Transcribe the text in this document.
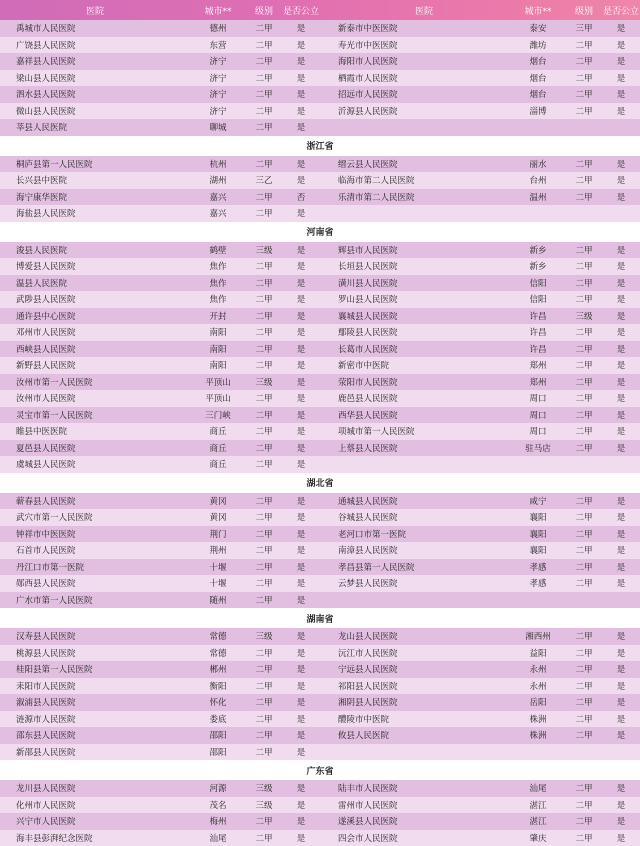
医院	城市**	级别	是否公立	医院	城市**	级别	是否公立
禹城市人民医院	德州	二甲	是	新泰市中医医院	泰安	三甲	是
广饶县人民医院	东营	二甲	是	寿光市中医医院	潍坊	二甲	是
嘉祥县人民医院	济宁	二甲	是	海阳市人民医院	烟台	二甲	是
梁山县人民医院	济宁	二甲	是	栖霞市人民医院	烟台	二甲	是
泗水县人民医院	济宁	二甲	是	招远市人民医院	烟台	二甲	是
微山县人民医院	济宁	二甲	是	沂源县人民医院	淄博	二甲	是
莘县人民医院	聊城	二甲	是
浙江省
桐庐县第一人民医院	杭州	二甲	是	缙云县人民医院	丽水	二甲	是
长兴县中医院	湖州	三乙	是	临海市第二人民医院	台州	二甲	是
海宁康华医院	嘉兴	二甲	否	乐清市第二人民医院	温州	二甲	是
海盐县人民医院	嘉兴	二甲	是
河南省
浚县人民医院	鹤壁	三级	是	辉县市人民医院	新乡	二甲	是
博爱县人民医院	焦作	二甲	是	长垣县人民医院	新乡	二甲	是
温县人民医院	焦作	二甲	是	潢川县人民医院	信阳	二甲	是
武陟县人民医院	焦作	二甲	是	罗山县人民医院	信阳	二甲	是
通许县中心医院	开封	二甲	是	襄城县人民医院	许昌	三级	是
邓州市人民医院	南阳	二甲	是	鄢陵县人民医院	许昌	二甲	是
西峡县人民医院	南阳	二甲	是	长葛市人民医院	许昌	二甲	是
新野县人民医院	南阳	二甲	是	新密市中医院	郑州	二甲	是
汝州市第一人民医院	平顶山	三级	是	荥阳市人民医院	郑州	二甲	是
汝州市人民医院	平顶山	二甲	是	鹿邑县人民医院	周口	二甲	是
灵宝市第一人民医院	三门峡	二甲	是	西华县人民医院	周口	二甲	是
睢县中医医院	商丘	二甲	是	项城市第一人民医院	周口	二甲	是
夏邑县人民医院	商丘	二甲	是	上蔡县人民医院	驻马店	二甲	是
虞城县人民医院	商丘	二甲	是
湖北省
蕲春县人民医院	黄冈	二甲	是	通城县人民医院	咸宁	二甲	是
武穴市第一人民医院	黄冈	二甲	是	谷城县人民医院	襄阳	二甲	是
钟祥市中医医院	荆门	二甲	是	老河口市第一医院	襄阳	二甲	是
石首市人民医院	荆州	二甲	是	南漳县人民医院	襄阳	二甲	是
丹江口市第一医院	十堰	二甲	是	孝昌县第一人民医院	孝感	二甲	是
郧西县人民医院	十堰	二甲	是	云梦县人民医院	孝感	二甲	是
广水市第一人民医院	随州	二甲	是
湖南省
汉寿县人民医院	常德	三级	是	龙山县人民医院	湘西州	二甲	是
桃源县人民医院	常德	二甲	是	沅江市人民医院	益阳	二甲	是
桂阳县第一人民医院	郴州	二甲	是	宁远县人民医院	永州	二甲	是
耒阳市人民医院	衡阳	二甲	是	祁阳县人民医院	永州	二甲	是
溆浦县人民医院	怀化	二甲	是	湘阴县人民医院	岳阳	二甲	是
涟源市人民医院	娄底	二甲	是	醴陵市中医院	株洲	二甲	是
邵东县人民医院	邵阳	二甲	是	攸县人民医院	株洲	二甲	是
新邵县人民医院	邵阳	二甲	是
广东省
龙川县人民医院	河源	三级	是	陆丰市人民医院	汕尾	二甲	是
化州市人民医院	茂名	三级	是	雷州市人民医院	湛江	二甲	是
兴宁市人民医院	梅州	二甲	是	遂溪县人民医院	湛江	二甲	是
海丰县彭湃纪念医院	汕尾	二甲	是	四会市人民医院	肇庆	二甲	是
